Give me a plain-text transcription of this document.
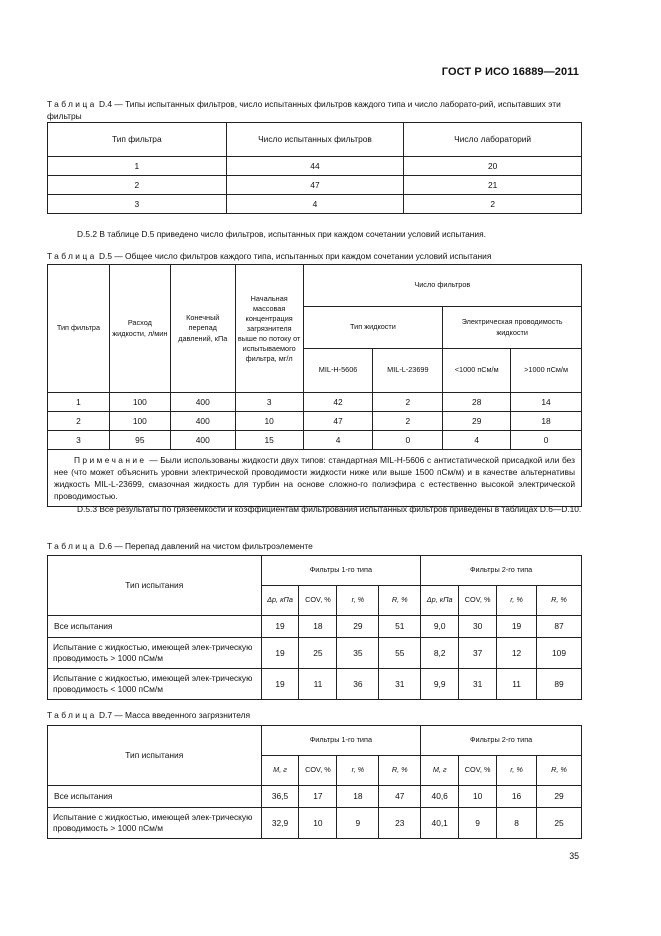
ГОСТ Р ИСО 16889—2011
Таблица D.4 — Типы испытанных фильтров, число испытанных фильтров каждого типа и число лаборато-рий, испытавших эти фильтры
Тип фильтра	Число испытанных фильтров	Число лабораторий
1	44	20
2	47	21
3	4	2
D.5.2 В таблице D.5 приведено число фильтров, испытанных при каждом сочетании условий испытания.
Таблица D.5 — Общее число фильтров каждого типа, испытанных при каждом сочетании условий испытания
Тип фильтра	Расход жидкости, л/мин	Конечный перепад давлений, кПа	Начальная массовая концентрация загрязнителя выше по потоку от испытываемого фильтра, мг/л	Число фильтров			
				Тип жидкости		Электрическая проводимость жидкости	
				MIL-H-5606	MIL-L-23699	<1000 пСм/м	>1000 пСм/м
1	100	400	3	42	2	28	14
2	100	400	10	47	2	29	18
3	95	400	15	4	0	4	0
Примечание — Были использованы жидкости двух типов: стандартная MIL-H-5606 с антистатической присадкой или без нее (что может объяснить уровни электрической проводимости жидкости ниже или выше 1500 пСм/м) и в качестве альтернативы жидкость MIL-L-23699, смазочная жидкость для турбин на основе сложно-го полиэфира с естественно высокой электрической проводимостью.							
D.5.3 Все результаты по грязеемкости и коэффициентам фильтрования испытанных фильтров приведены в таблицах D.6—D.10.
Таблица D.6 — Перепад давлений на чистом фильтроэлементе
Тип испытания	Фильтры 1-го типа				Фильтры 2-го типа			
	Δp, кПа	COV, %	r, %	R, %	Δp, кПа	COV, %	r, %	R, %
Все испытания	19	18	29	51	9,0	30	19	87
Испытание с жидкостью, имеющей элек-трическую проводимость > 1000 пСм/м	19	25	35	55	8,2	37	12	109
Испытание с жидкостью, имеющей элек-трическую проводимость < 1000 пСм/м	19	11	36	31	9,9	31	11	89
Таблица D.7 — Масса введенного загрязнителя
Тип испытания	Фильтры 1-го типа				Фильтры 2-го типа			
	M, г	COV, %	r, %	R, %	M, г	COV, %	r, %	R, %
Все испытания	36,5	17	18	47	40,6	10	16	29
Испытание с жидкостью, имеющей элек-трическую проводимость > 1000 пСм/м	32,9	10	9	23	40,1	9	8	25
35
